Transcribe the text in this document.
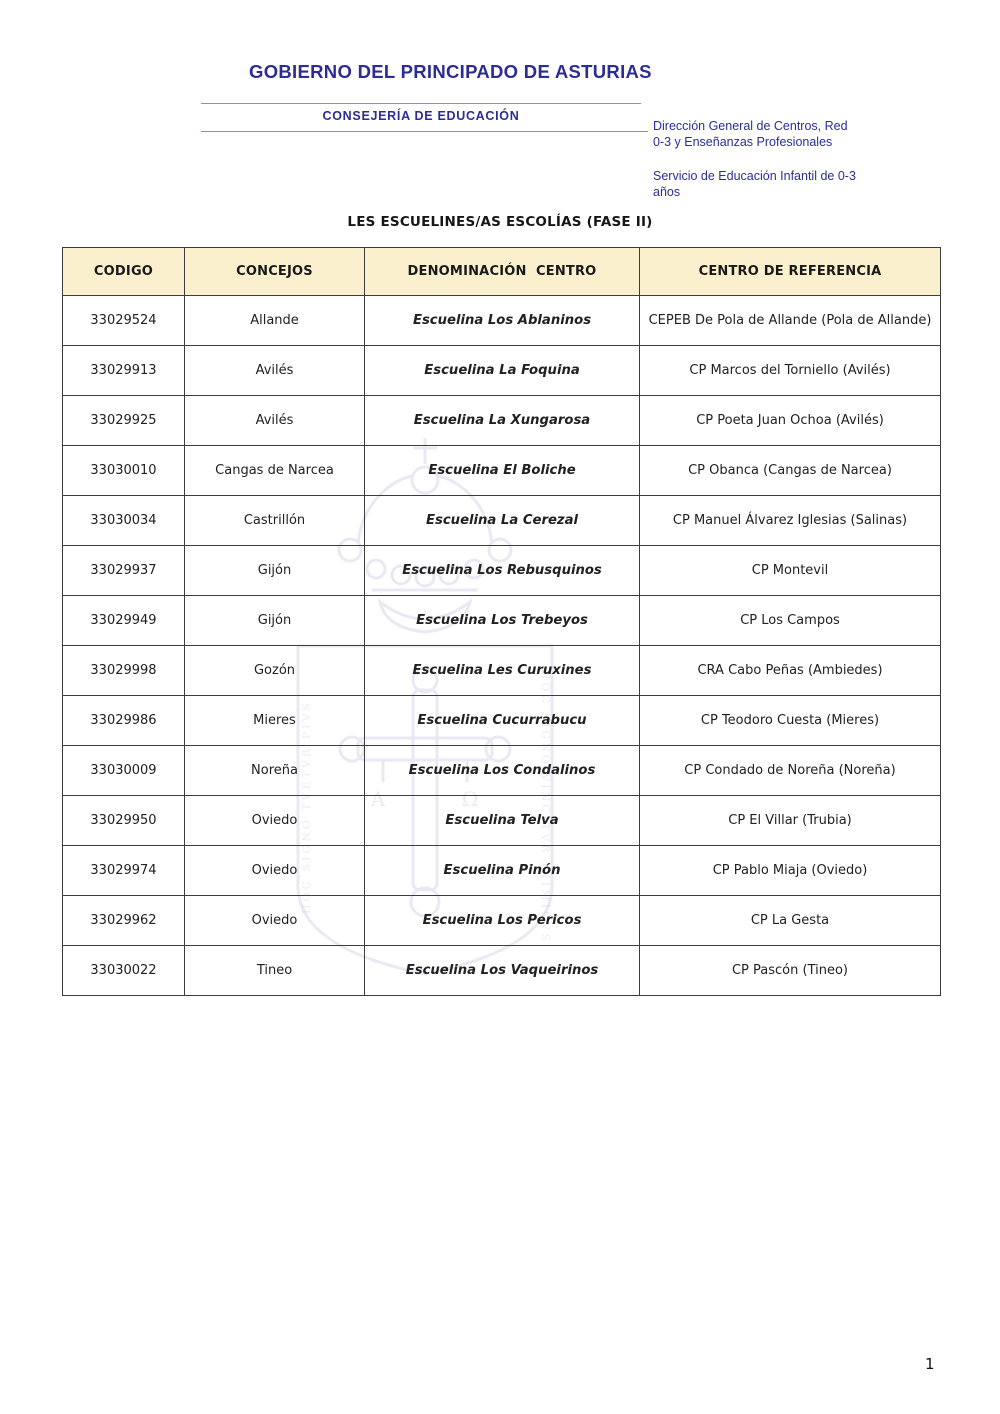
GOBIERNO DEL PRINCIPADO DE ASTURIAS
CONSEJERÍA DE EDUCACIÓN
Dirección General de Centros, Red
0-3 y Enseñanzas Profesionales
Servicio de Educación Infantil de 0-3
años
LES ESCUELINES/AS ESCOLÍAS (FASE II)
Α	Ω
HOC SIGNO TVETVR PIVS	HOC SIGNO VINCITVR INIMICVS
CODIGO	CONCEJOS	DENOMINACIÓN  CENTRO	CENTRO DE REFERENCIA
33029524	Allande	Escuelina Los Ablaninos	CEPEB De Pola de Allande (Pola de Allande)
33029913	Avilés	Escuelina La Foquina	CP Marcos del Torniello (Avilés)
33029925	Avilés	Escuelina La Xungarosa	CP Poeta Juan Ochoa (Avilés)
33030010	Cangas de Narcea	Escuelina El Boliche	CP Obanca (Cangas de Narcea)
33030034	Castrillón	Escuelina La Cerezal	CP Manuel Álvarez Iglesias (Salinas)
33029937	Gijón	Escuelina Los Rebusquinos	CP Montevil
33029949	Gijón	Escuelina Los Trebeyos	CP Los Campos
33029998	Gozón	Escuelina Les Curuxines	CRA Cabo Peñas (Ambiedes)
33029986	Mieres	Escuelina Cucurrabucu	CP Teodoro Cuesta (Mieres)
33030009	Noreña	Escuelina Los Condalinos	CP Condado de Noreña (Noreña)
33029950	Oviedo	Escuelina Telva	CP El Villar (Trubia)
33029974	Oviedo	Escuelina Pinón	CP Pablo Miaja (Oviedo)
33029962	Oviedo	Escuelina Los Pericos	CP La Gesta
33030022	Tineo	Escuelina Los Vaqueirinos	CP Pascón (Tineo)
1
